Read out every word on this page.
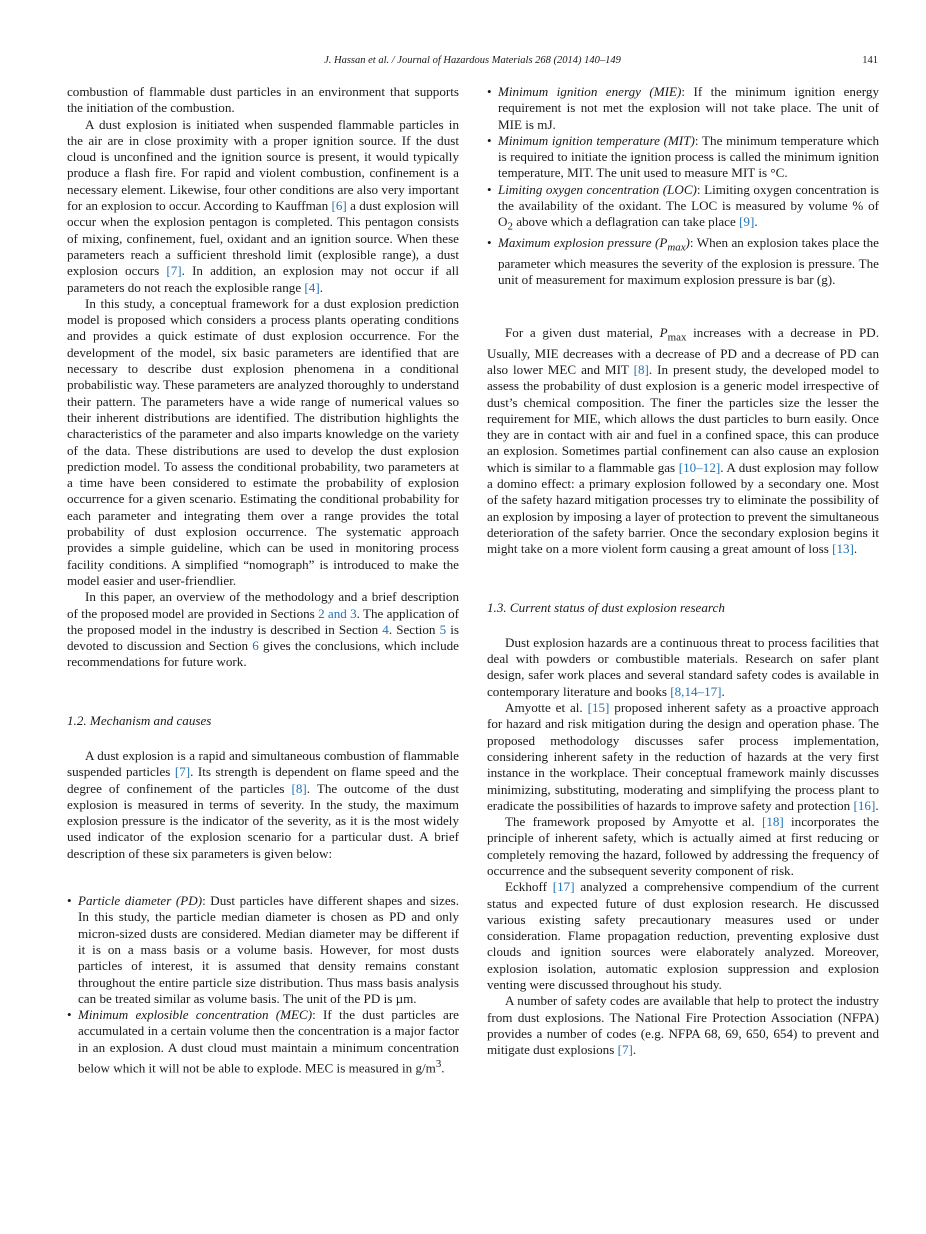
J. Hassan et al. / Journal of Hazardous Materials 268 (2014) 140–149	141

combustion of flammable dust particles in an environment that supports the initiation of the combustion.

A dust explosion is initiated when suspended flammable particles in the air are in close proximity with a proper ignition source. If the dust cloud is unconfined and the ignition source is present, it would typically produce a flash fire. For rapid and violent combustion, confinement is a necessary element. Likewise, four other conditions are also very important for an explosion to occur. According to Kauffman [6] a dust explosion will occur when the explosion pentagon is completed. This pentagon consists of mixing, confinement, fuel, oxidant and an ignition source. When these parameters reach a sufficient threshold limit (explosible range), a dust explosion occurs [7]. In addition, an explosion may not occur if all parameters do not reach the explosible range [4].

In this study, a conceptual framework for a dust explosion prediction model is proposed which considers a process plants operating conditions and provides a quick estimate of dust explosion occurrence. For the development of the model, six basic parameters are identified that are necessary to describe dust explosion phenomena in a conditional probabilistic way. These parameters are analyzed thoroughly to understand their pattern. The parameters have a wide range of numerical values so their inherent distributions are identified. The distribution highlights the characteristics of the parameter and also imparts knowledge on the variety of the data. These distributions are used to develop the dust explosion prediction model. To assess the conditional probability, two parameters at a time have been considered to estimate the probability of explosion occurrence for a given scenario. Estimating the conditional probability for each parameter and integrating them over a range provides the total probability of dust explosion occurrence. The systematic approach provides a simple guideline, which can be used in monitoring process facility conditions. A simplified “nomograph” is introduced to make the model easier and user-friendlier.

In this paper, an overview of the methodology and a brief description of the proposed model are provided in Sections 2 and 3. The application of the proposed model in the industry is described in Section 4. Section 5 is devoted to discussion and Section 6 gives the conclusions, which include recommendations for future work.

1.2. Mechanism and causes

A dust explosion is a rapid and simultaneous combustion of flammable suspended particles [7]. Its strength is dependent on flame speed and the degree of confinement of the particles [8]. The outcome of the dust explosion is measured in terms of severity. In the study, the maximum explosion pressure is the indicator of the severity, as it is the most widely used indicator of the explosion scenario for a particular dust. A brief description of these six parameters is given below:

• Particle diameter (PD): Dust particles have different shapes and sizes. In this study, the particle median diameter is chosen as PD and only micron-sized dusts are considered. Median diameter may be different if it is on a mass basis or a volume basis. However, for most dusts particles of interest, it is assumed that density remains constant throughout the entire particle size distribution. Thus mass basis analysis can be treated similar as volume basis. The unit of the PD is µm.
• Minimum explosible concentration (MEC): If the dust particles are accumulated in a certain volume then the concentration is a major factor in an explosion. A dust cloud must maintain a minimum concentration below which it will not be able to explode. MEC is measured in $g/m^3$.
• Minimum ignition energy (MIE): If the minimum ignition energy requirement is not met the explosion will not take place. The unit of MIE is mJ.
• Minimum ignition temperature (MIT): The minimum temperature which is required to initiate the ignition process is called the minimum ignition temperature, MIT. The unit used to measure MIT is °C.
• Limiting oxygen concentration (LOC): Limiting oxygen concentration is the availability of the oxidant. The LOC is measured by volume % of $O_2$ above which a deflagration can take place [9].
• Maximum explosion pressure $(P_{max})$: When an explosion takes place the parameter which measures the severity of the explosion is pressure. The unit of measurement for maximum explosion pressure is bar (g).

For a given dust material, $P_{max}$ increases with a decrease in PD. Usually, MIE decreases with a decrease of PD and a decrease of PD can also lower MEC and MIT [8]. In present study, the developed model to assess the probability of dust explosion is a generic model irrespective of dust’s chemical composition. The finer the particles size the lesser the requirement for MIE, which allows the dust particles to burn easily. Once they are in contact with air and fuel in a confined space, this can produce an explosion. Sometimes partial confinement can also cause an explosion which is similar to a flammable gas [10–12]. A dust explosion may follow a domino effect: a primary explosion followed by a secondary one. Most of the safety hazard mitigation processes try to eliminate the possibility of an explosion by imposing a layer of protection to prevent the simultaneous deterioration of the safety barrier. Once the secondary explosion begins it might take on a more violent form causing a great amount of loss [13].

1.3. Current status of dust explosion research

Dust explosion hazards are a continuous threat to process facilities that deal with powders or combustible materials. Research on safer plant design, safer work places and several standard safety codes is available in contemporary literature and books [8,14–17].

Amyotte et al. [15] proposed inherent safety as a proactive approach for hazard and risk mitigation during the design and operation phase. The proposed methodology discusses safer process implementation, considering inherent safety in the reduction of hazards at the very first instance in the workplace. Their conceptual framework mainly discusses minimizing, substituting, moderating and simplifying the process plant to eradicate the possibilities of hazards to improve safety and protection [16].

The framework proposed by Amyotte et al. [18] incorporates the principle of inherent safety, which is actually aimed at first reducing or completely removing the hazard, followed by addressing the frequency of occurrence and the subsequent severity component of risk.

Eckhoff [17] analyzed a comprehensive compendium of the current status and expected future of dust explosion research. He discussed various existing safety precautionary measures used or under consideration. Flame propagation reduction, preventing explosive dust clouds and ignition sources were elaborately analyzed. Moreover, explosion isolation, automatic explosion suppression and explosion venting were discussed throughout his study.

A number of safety codes are available that help to protect the industry from dust explosions. The National Fire Protection Association (NFPA) provides a number of codes (e.g. NFPA 68, 69, 650, 654) to prevent and mitigate dust explosions [7].
